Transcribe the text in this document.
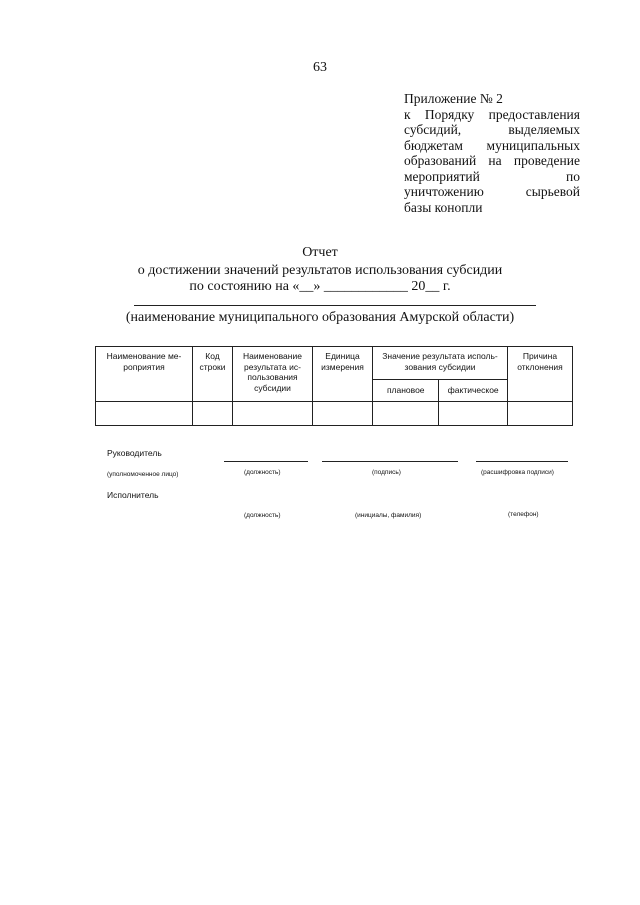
63
Приложение № 2
к Порядку предоставления
субсидий, выделяемых
бюджетам муниципальных
образований на проведение
мероприятий по
уничтожению сырьевой
базы конопли
Отчет
о достижении значений результатов использования субсидии
по состоянию на «__» ____________ 20__ г.
(наименование муниципального образования Амурской области)
Наименование ме-роприятия	Код строки	Наименование результата ис-пользования субсидии	Единица измерения	Значение результата исполь-зования субсидии		Причина отклонения
				плановое	фактическое	

Руководитель
(уполномоченное лицо)	(должность)	(подпись)	(расшифровка подписи)
Исполнитель
(должность)	(инициалы, фамилия)	(телефон)
